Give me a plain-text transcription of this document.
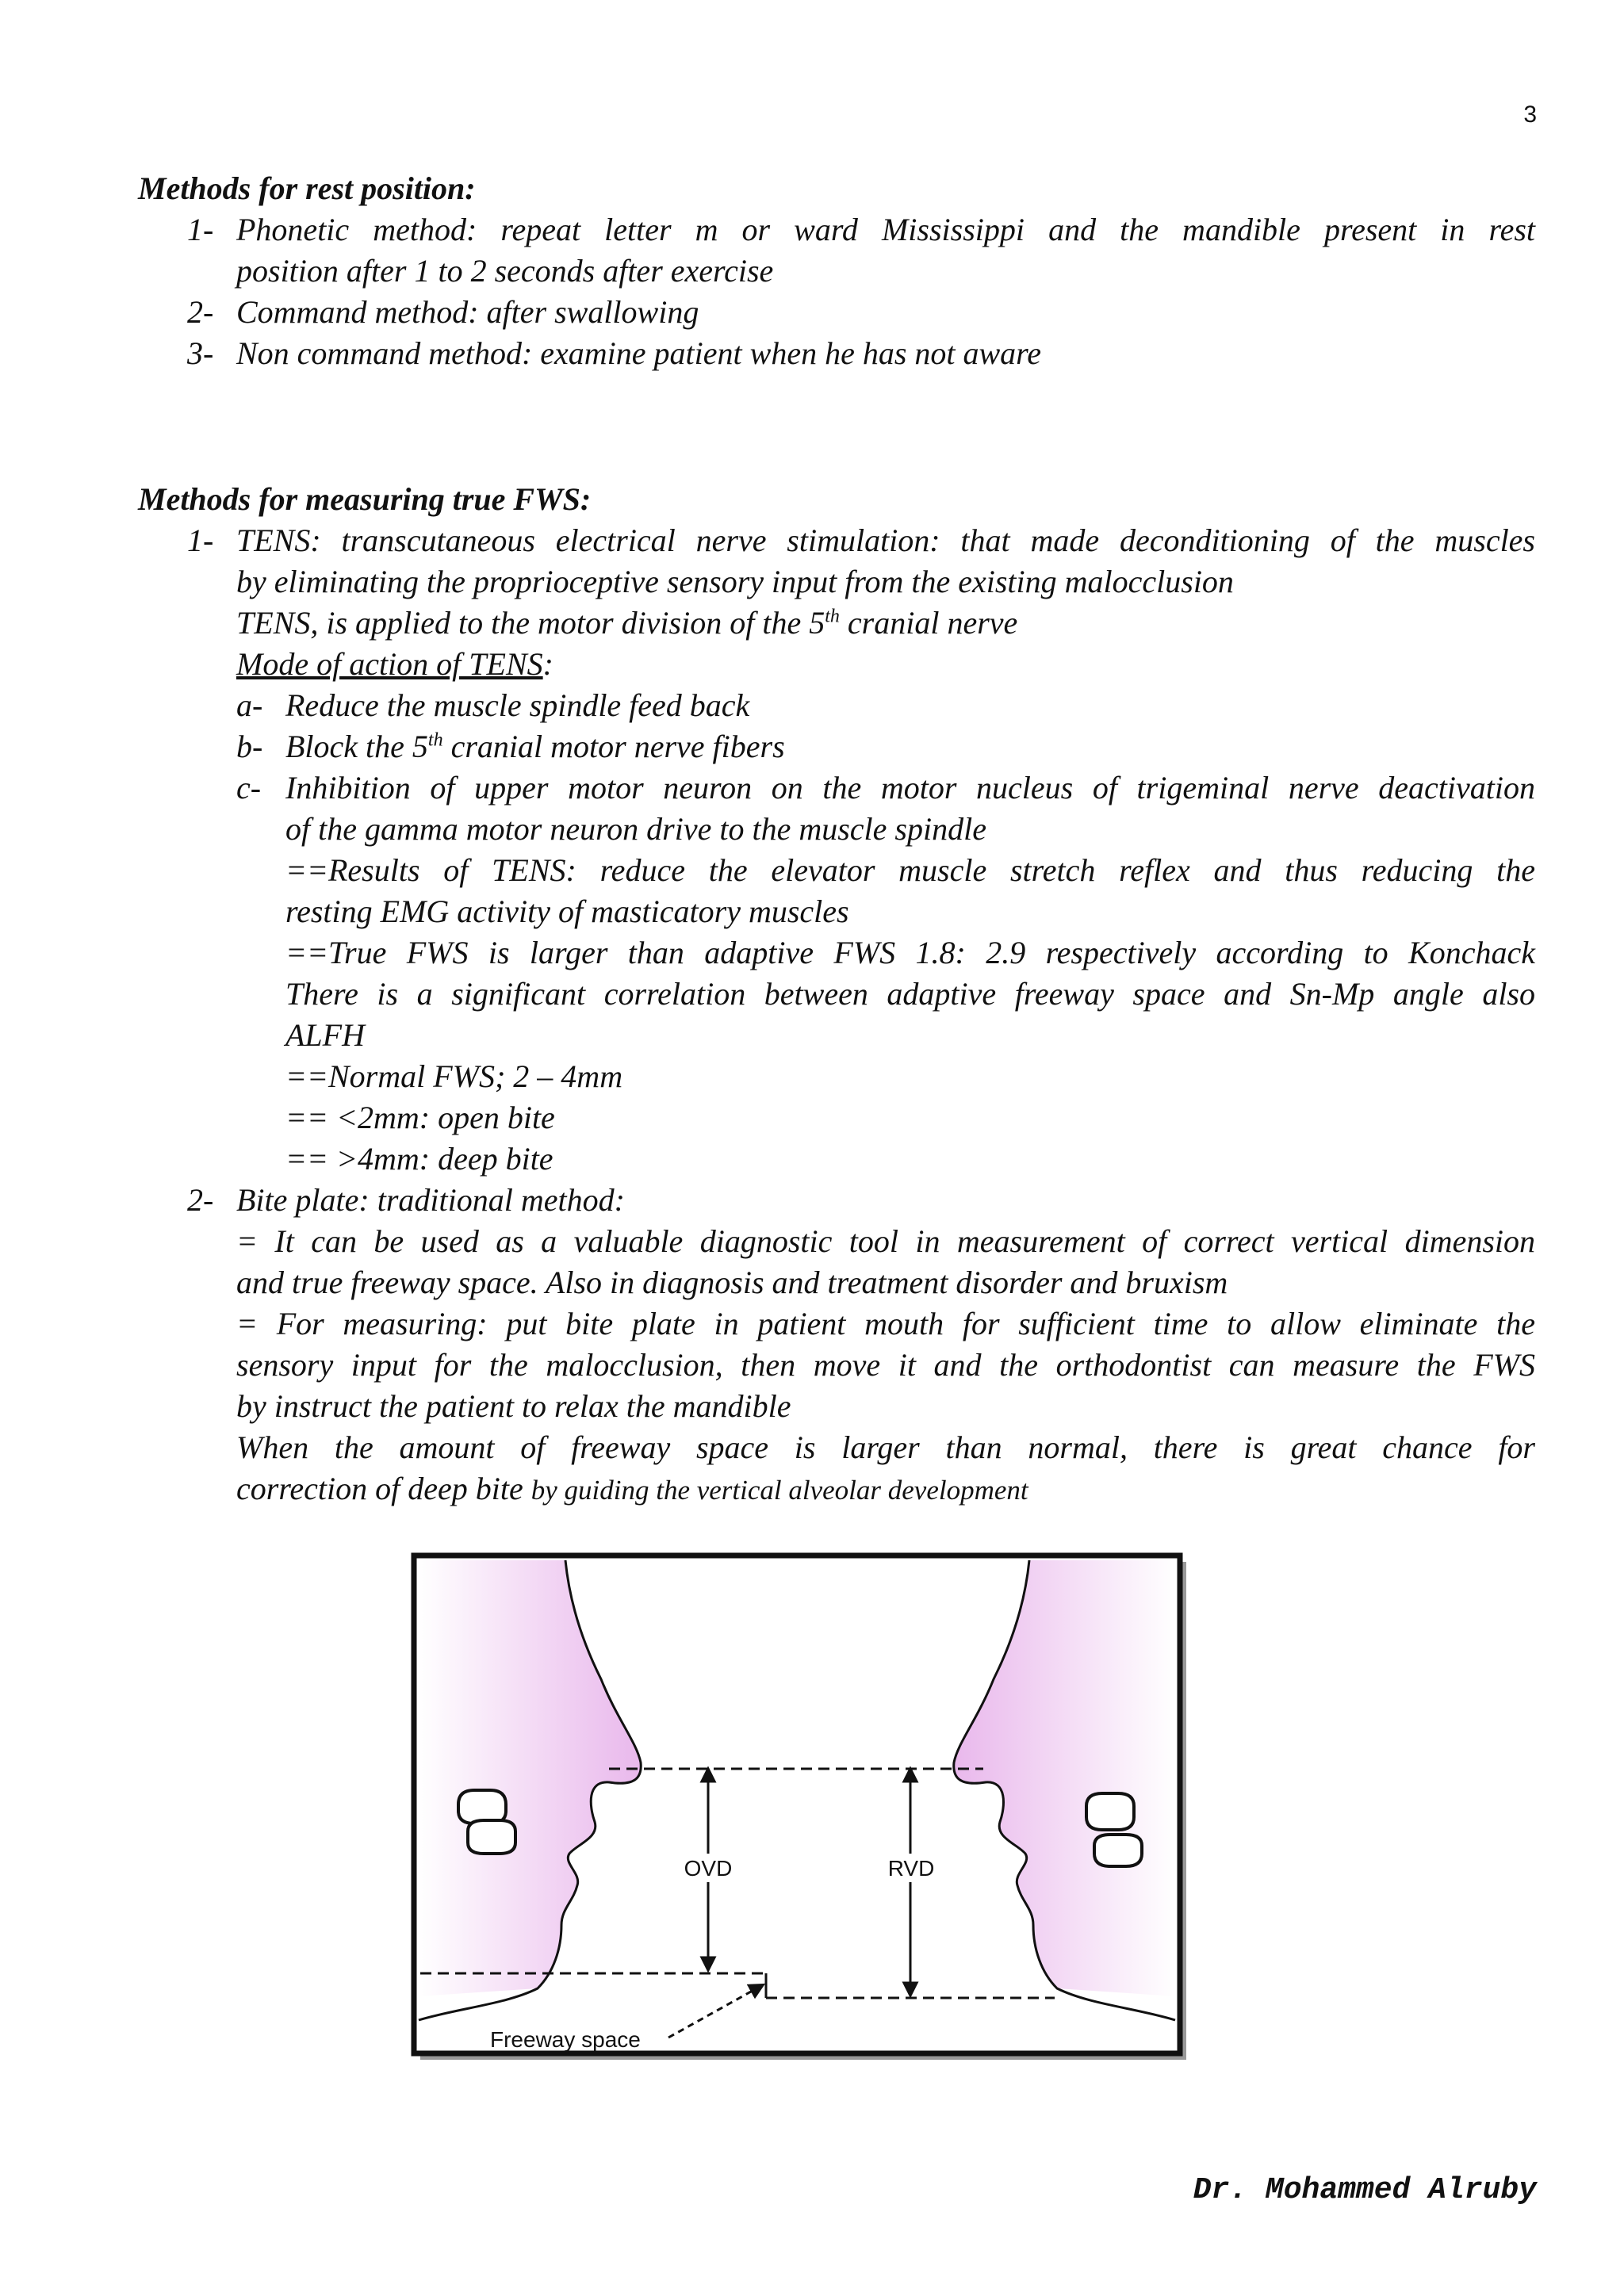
3

Methods for rest position:

1- Phonetic method: repeat letter m or ward Mississippi and the mandible present in rest
position after 1 to 2 seconds after exercise
2- Command method: after swallowing
3- Non command method: examine patient when he has not aware

Methods for measuring true FWS:

1- TENS: transcutaneous electrical nerve stimulation: that made deconditioning of the muscles
by eliminating the proprioceptive sensory input from the existing malocclusion
TENS, is applied to the motor division of the 5th cranial nerve
Mode of action of TENS:
a- Reduce the muscle spindle feed back
b- Block the 5th cranial motor nerve fibers
c- Inhibition of upper motor neuron on the motor nucleus of trigeminal nerve deactivation
of the gamma motor neuron drive to the muscle spindle
==Results of TENS: reduce the elevator muscle stretch reflex and thus reducing the
resting EMG activity of masticatory muscles
==True FWS is larger than adaptive FWS 1.8: 2.9 respectively according to Konchack
There is a significant correlation between adaptive freeway space and Sn-Mp angle also
ALFH
==Normal FWS; 2 – 4mm
== <2mm: open bite
== >4mm: deep bite
2- Bite plate: traditional method:
= It can be used as a valuable diagnostic tool in measurement of correct vertical dimension
and true freeway space. Also in diagnosis and treatment disorder and bruxism
= For measuring: put bite plate in patient mouth for sufficient time to allow eliminate the
sensory input for the malocclusion, then move it and the orthodontist can measure the FWS
by instruct the patient to relax the mandible
When the amount of freeway space is larger than normal, there is great chance for
correction of deep bite by guiding the vertical alveolar development
OVD	RVD
Freeway space
Dr. Mohammed Alruby
